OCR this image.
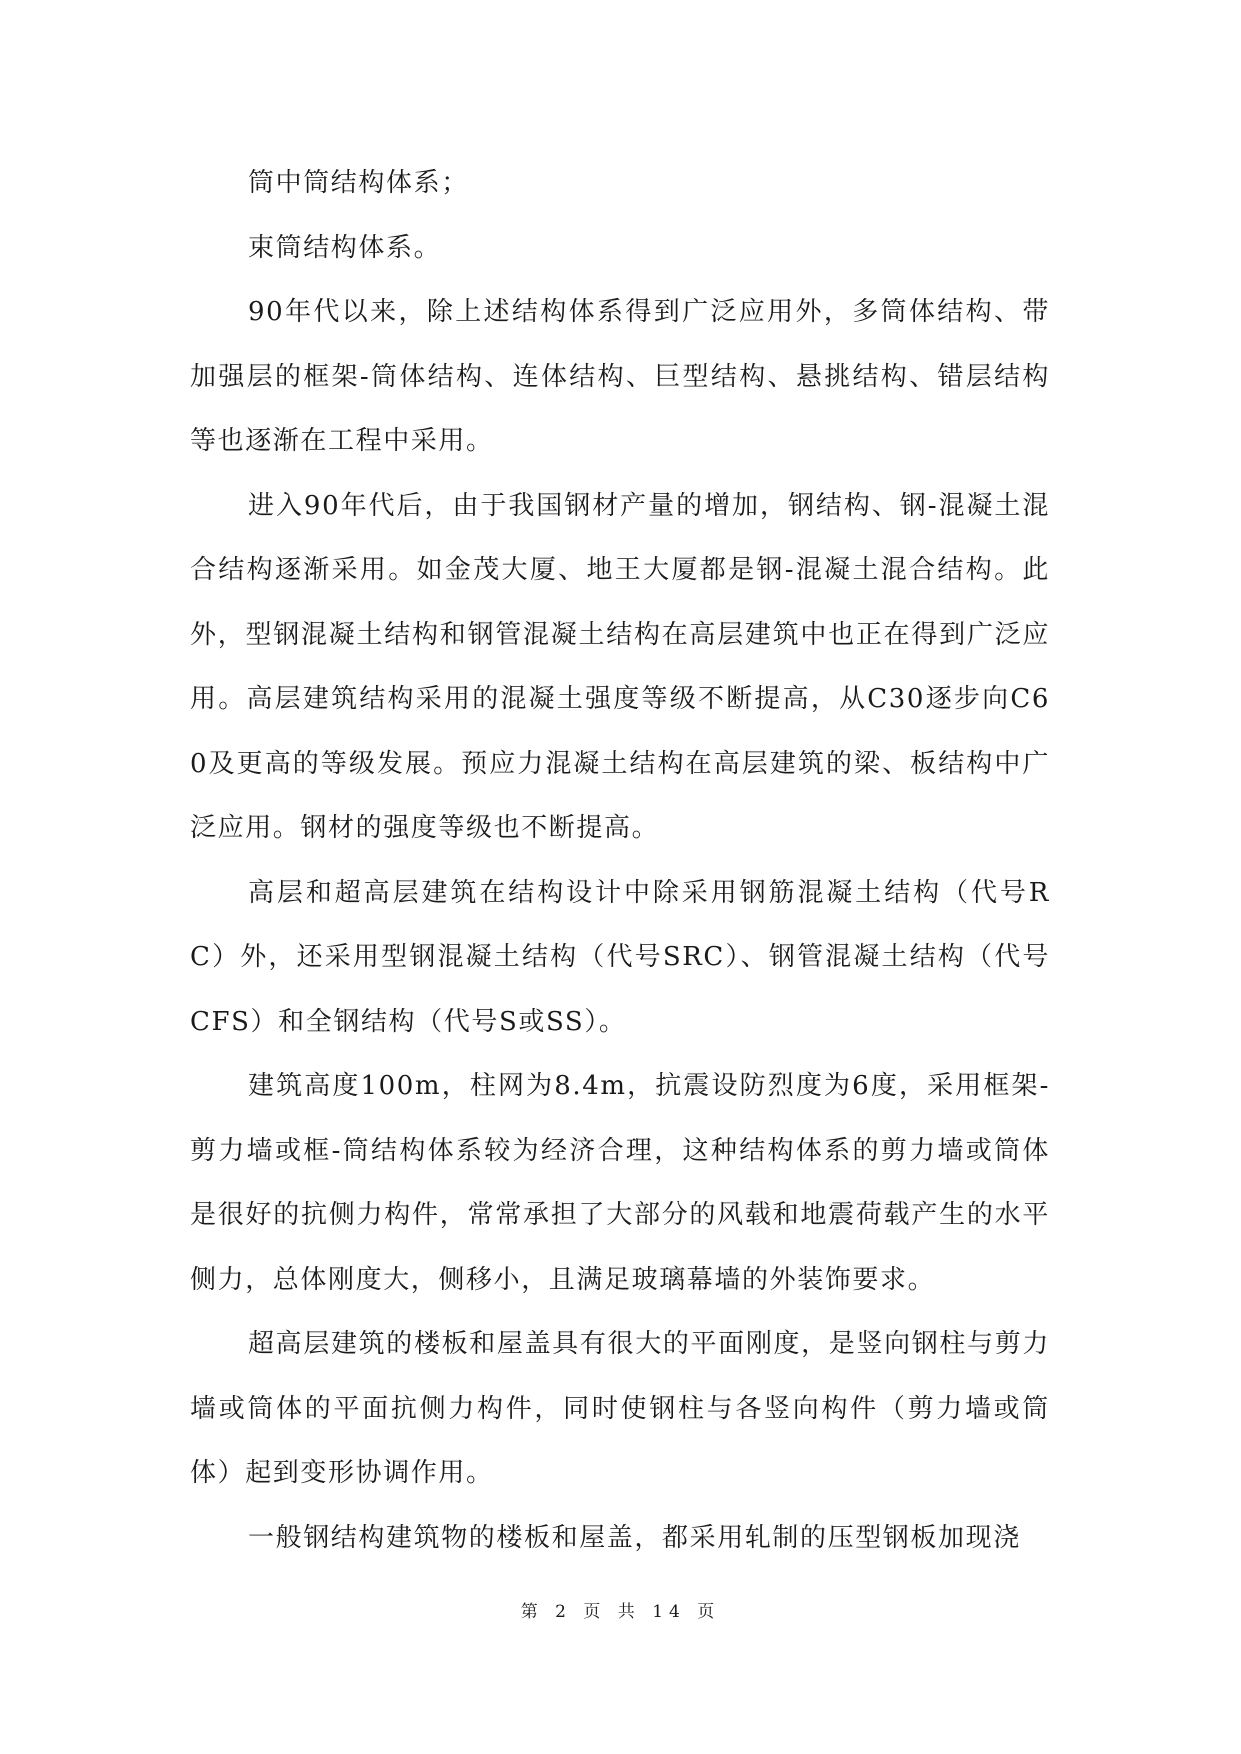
筒中筒结构体系；

束筒结构体系。

90年代以来，除上述结构体系得到广泛应用外，多筒体结构、带加强层的框架-筒体结构、连体结构、巨型结构、悬挑结构、错层结构等也逐渐在工程中采用。

进入90年代后，由于我国钢材产量的增加，钢结构、钢-混凝土混合结构逐渐采用。如金茂大厦、地王大厦都是钢-混凝土混合结构。此外，型钢混凝土结构和钢管混凝土结构在高层建筑中也正在得到广泛应用。高层建筑结构采用的混凝土强度等级不断提高，从C30逐步向C60及更高的等级发展。预应力混凝土结构在高层建筑的梁、板结构中广泛应用。钢材的强度等级也不断提高。

高层和超高层建筑在结构设计中除采用钢筋混凝土结构（代号RC）外，还采用型钢混凝土结构（代号SRC）、钢管混凝土结构（代号CFS）和全钢结构（代号S或SS）。

建筑高度100m，柱网为8.4m，抗震设防烈度为6度，采用框架-剪力墙或框-筒结构体系较为经济合理，这种结构体系的剪力墙或筒体是很好的抗侧力构件，常常承担了大部分的风载和地震荷载产生的水平侧力，总体刚度大，侧移小，且满足玻璃幕墙的外装饰要求。

超高层建筑的楼板和屋盖具有很大的平面刚度，是竖向钢柱与剪力墙或筒体的平面抗侧力构件，同时使钢柱与各竖向构件（剪力墙或筒体）起到变形协调作用。

一般钢结构建筑物的楼板和屋盖，都采用轧制的压型钢板加现浇

第 2 页 共 14 页
